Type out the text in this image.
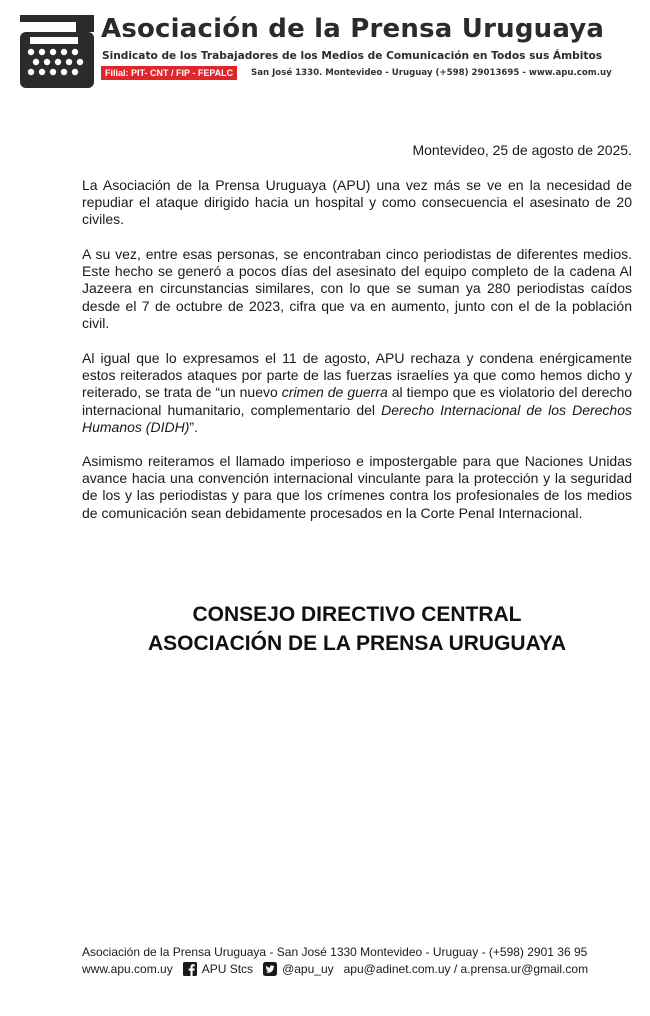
Asociación de la Prensa Uruguaya
Sindicato de los Trabajadores de los Medios de Comunicación en Todos sus Ámbitos
Filial: PIT- CNT / FIP - FEPALC	San José 1330. Montevideo - Uruguay (+598) 29013695 - www.apu.com.uy
Montevideo, 25 de agosto de 2025.

La Asociación de la Prensa Uruguaya (APU) una vez más se ve en la necesidad de repudiar el ataque dirigido hacia un hospital y como consecuencia el asesinato de 20 civiles.

A su vez, entre esas personas, se encontraban cinco periodistas de diferentes medios. Este hecho se generó a pocos días del asesinato del equipo completo de la cadena Al Jazeera en circunstancias similares, con lo que se suman ya 280 periodistas caídos desde el 7 de octubre de 2023, cifra que va en aumento, junto con el de la población civil.

Al igual que lo expresamos el 11 de agosto, APU rechaza y condena enérgicamente estos reiterados ataques por parte de las fuerzas israelíes ya que como hemos dicho y reiterado, se trata de “un nuevo crimen de guerra al tiempo que es violatorio del derecho internacional humanitario, complementario del Derecho Internacional de los Derechos Humanos (DIDH)”.

Asimismo reiteramos el llamado imperioso e impostergable para que Naciones Unidas avance hacia una convención internacional vinculante para la protección y la seguridad de los y las periodistas y para que los crímenes contra los profesionales de los medios de comunicación sean debidamente procesados en la Corte Penal Internacional.

CONSEJO DIRECTIVO CENTRAL
ASOCIACIÓN DE LA PRENSA URUGUAYA
Asociación de la Prensa Uruguaya - San José 1330 Montevideo - Uruguay - (+598) 2901 36 95
www.apu.com.uy APU Stcs @apu_uy apu@adinet.com.uy / a.prensa.ur@gmail.com
